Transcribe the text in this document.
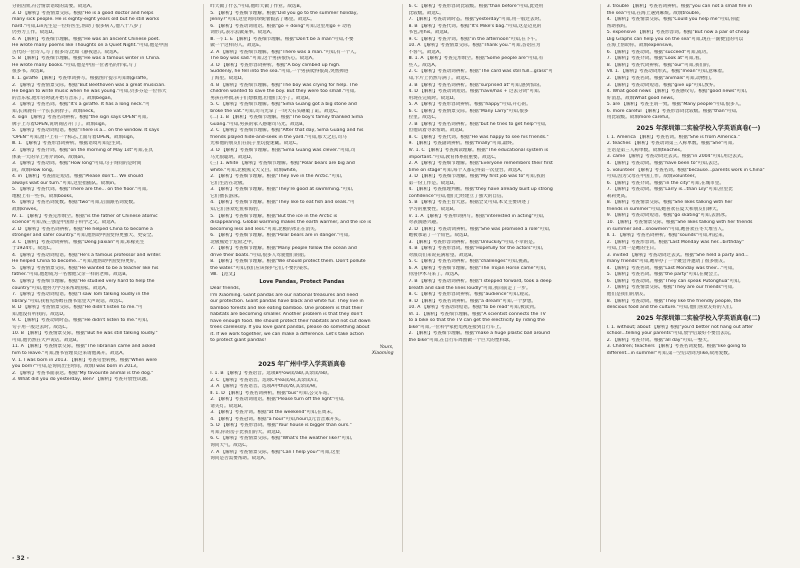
分的因果,符合情景语境的需要。故选A。
3. D 【解析】考查情景交际。根据"He is a good doctor and helps
many sick people. He is eighty-eight years old but he still works
hard."可知,Lin先生是一位好医生,帮助了很多病人,他八十八岁了
仍努力工作。故选D。
4. A 【解析】考查细节理解。根据"He was an ancient Chinese poet.
He wrote many poems like Thoughts on a Quiet Night."可知,他是中国
古代的一位诗人,写了很多诗,比如《静夜思》。故选A。
5. B 【解析】考查细节理解。根据"He was a famous writer in China.
He wrote many books."可知,他是中国一位著名的作家,写了
很多书。故选B。
Ⅱ. 1. giraffe 【解析】考查单词拼写。根据图片提示可知填giraffe。
2. 【解析】考查情景交际。根据"But Beethoven was a great musician.
He began to write music when he was young."可知,贝多芬是一位伟大
的音乐家,他年轻时就开始写音乐了。故填began。
3. 【解析】考查名词。根据"It's a giraffe. It has a long neck."可
知,长颈鹿有一个长长的脖子。故填neck。
4. sign 【解析】考查名词辨析。根据"the sign says OPEN"可知,
牌子上写着OPEN,说明商店开门了。故填sign。
5. 【解析】考查动词短语。根据"There is a... on the window. It says
'OPEN'"可知,窗户上有一个标志,上面写着OPEN。故填sign。
Ⅲ. 1. 【解析】考查形容词辨析。根据语境可知是生词。
2. 【解析】考查介词。根据"on the morning of May 1st"可知,在具
体某一天的早上用介词on。故填on。
3. 【解析】考查动词。根据"How long"可知,句子询问的是时间
段。故填How long。
4. in 【解析】考查固定短语。根据"Please don't... We should
always wait our turn."可知,这里指插队。故填in。
5. 【解析】考查代词。根据"There are the... on the floor."可知,
地板上有一些书。故填books。
6. 【解析】考查名词复数。根据"two"可知,后面跟名词复数。
故填knives。
Ⅳ. 1. 【解析】考查完形填空。根据"is the father of Chinese atomic
science"可知,钱三强是中国原子科学之父。故选A。
2. D 【解析】考查名词辨析。根据"He helped China to become a
stronger and safer country."可知,他帮助中国变得更强大、更安全。
3. C 【解析】考查动词辨析。根据"Deng Jiaxian"可知,邓稼先生
于1924年。故选C。
4. 【解析】考查动词短语。根据"He's a famous professor and writer.
He helped China to become..."可知,他帮助中国变得更好。
5. 【解析】考查情景交际。根据"He wanted to be a teacher like his
father."可知,他想成为一名像他父亲一样的老师。故选B。
6. 【解析】考查细节理解。根据"He studied very hard to help the
country"可知,他努力学习来帮助国家。故选A。
7. 【解析】考查动词短语。根据"I saw Tom talking loudly in the
library."可知,我看见汤姆在图书馆里大声说话。故选C。
8. D 【解析】考查情景交际。根据"He didn't listen to me."可
知,他没有听我的。故选D。
9. C 【解析】考查动词时态。根据"He didn't listen to me."可知,
句子用一般过去时。故选C。
10. B 【解析】考查情景交际。根据"But he was still talking loudly."
可知,他仍然在大声说话。故选B。
11. A 【解析】考查情景交际。根据"The librarian came and asked
him to leave."可知,图书管理员过来请他离开。故选A。
Ⅴ. 1. I was born in 2013. 【解析】考查句型转换。根据"When were
you born?"可知,是询问出生时间。故填I was born in 2013。
2. 【解析】考查书面表达。根据"My favourite animal is the dog."
3. What did you do yesterday, Ben? 【解析】考查开放性试题。
昨天做了什么"可知,他昨天做了作业。故选B。
5. 【解析】考查细节理解。根据"Did you go to the summer holiday,
Jenny?"可知,这里询问珍妮暑假去了哪里。故选C。
6. 【解析】考查动词短语。根据"go + doing"可知,这里用go + 动名
词形式,表示去做某事。故选A。
Ⅲ. 一) 1. E 【解析】考查细节理解。根据"Don't be a man"可知,不要
做一个这样的人。故选E。
2. A 【解析】考查细节理解。根据"There was a man."可知,有一个人。
The boy was sad."可知,这个男孩很伤心。故选A。
3. D 【解析】考查形容词辨析。根据"A boy climbed up high.
Suddenly, he fell into the sea."可知,一个男孩爬得很高,突然掉进
了海里。故选D。
4. B 【解析】考查细节理解。根据"The boy was crying for help. The
children wanted to save the boy. But they were too small."可知,
男孩在呼救,孩子们想救他,但他们太小了。故选B。
5. C 【解析】考查细节理解。根据"Sima Guang got a big stone and
broke the vat."可知,司马光拿了一块大石头砸破了缸。故选C。
(二) 1. B 【解析】考查细节理解。根据"The boy's family thanked Sima
Guang."可知,男孩的家人感谢司马光。故选B。
2. C 【解析】考查细节理解。根据"After that day, Sima Guang and his
friends played hide-and-seek in the yard."可知,那天之后,司马
光和他的朋友们在院子里玩捉迷藏。故选C。
3. D 【解析】考查细节理解。根据"Sima Guang was clever."可知,司
马光很聪明。故选D。
(三) 1. white 【解析】考查细节理解。根据"Polar bears are big and
white."可知,北极熊又大又白。故填white。
2. 【解析】考查细节理解。根据"They live in the Arctic."可知,
它们生活在北极。
3. 【解析】考查细节理解。根据"They're good at swimming."可知,
它们擅长游泳。
4. 【解析】考查细节理解。根据"They like to eat fish and seals."可
知,它们喜欢吃鱼和海豹。
5. 【解析】考查细节理解。根据"But the ice in the Arctic is
disappearing. Global warming makes the earth warmer, and the ice is
becoming less and less."可知,北极的冰正在消失。
6. 【解析】考查细节理解。根据"Polar bears are in danger."可知,
北极熊处于危险之中。
7. 【解析】考查细节理解。根据"Many people follow the ocean and
drive their boats."可知,很多人驾驶他们的船。
8. 【解析】考查细节理解。根据"We should protect them. Don't pollute
the water."可知,我们应该保护它们,不要污染水。
Ⅷ. 【范文】
Love Pandas, Protect Pandas
Dear friends,
I'm Xiaoming. Giant pandas are our national treasures and need
our protection. Giant pandas have black and white fur. They live in
bamboo forests and like eating bamboo. One problem is that their
habitats are becoming smaller. Another problem is that they don't
have enough food. We should protect their habitats and not cut down
trees carelessly. If you love giant pandas, please do something about
it. If we work together, we can make a difference. Let's take action
to protect giant pandas!
Yours,
Xiaoming
2025 年广州中学入学英语真卷
Ⅰ. 1. B 【解析】考查语音。选项B中ow读/aʊ/,其余读/əʊ/。
2. C 【解析】考查语音。选项C中ea读/e/,其余读/iː/。
3. A 【解析】考查语音。选项A中th读/ð/,其余读/θ/。
Ⅱ. 1. D 【解析】考查名词辨析。根据"bus"可知,公交车站。
2. 【解析】考查动词短语。根据"Please turn off the light"可知,
请关灯。故选B。
3. 【解析】考查介词。根据"at the weekend"可知,在周末。
4. 【解析】考查冠词。根据"a hour"可知,hour以元音音素开头。
5. D 【解析】考查形容词。根据"Your house is bigger than ours."
可知,你的房子比我们的大。故选D。
6. C 【解析】考查情景交际。根据"What's the weather like?"可知,
询问天气。故选C。
7. A 【解析】考查情景交际。根据"Can I help you?"可知,这里
询问是否需要帮助。故选A。
6. C 【解析】考查形容词比较级。根据"than before"可知,此处用
比较级。故选C。
7. 【解析】考查动词时态。根据"yesterday"可知,用一般过去时。
8. B 【解析】考查代词。根据"It's Mike's bag."可知,这是迈克的
书包,用his。故选B。
9. C 【解析】考查介词。根据"in the afternoon"可知,在下午。
10. A 【解析】考查情景交际。根据"Thank you."可知,答语应为
不客气。故选A。
Ⅲ. 1. A 【解析】考查完形填空。根据"Some people are"可知,有
些人。故选A。
2. C 【解析】考查动词辨析。根据"The card was still full...grass"可
知,卡片上仍然写满了。故选C。
3. B 【解析】考查名词辨析。根据"surprised at"可知,感到惊讶。
4. D 【解析】考查动词短语。根据"have/has + 过去分词"可知,
用现在完成时。故选D。
5. A 【解析】考查形容词辨析。根据"happy"可知,开心的。
6. C 【解析】考查情景交际。根据"Many Larry"可知,很多
拉里。故选C。
7. B 【解析】考查名词辨析。根据"but he tries to get help"可知,
但他试着寻求帮助。故选B。
8. C 【解析】考查代词。根据"He was happy to see his friends."
9. 【解析】考查副词辨析。根据"finally"可知,最终。
Ⅳ. 1. C 【解析】考查阅读理解。根据"The educational system is
important."可知,教育体系很重要。故选C。
2. A 【解析】考查细节理解。根据"Everyone remembers their first
time on stage"可知,每个人都记得第一次登台。故选A。
3. D 【解析】考查细节理解。根据"My first job was to"可知,我的
第一份工作是。故选D。
4. 【解析】考查推理判断。根据"they have already built up strong
confidence"可知,他们已经建立了强大的自信。
5. B 【解析】考查主旨大意。根据全文可知,本文主要讲述了
学习的重要性。故选B。
Ⅴ. 1. A 【解析】考查单词拼写。根据"interested in acting"可知,
对表演感兴趣。
2. D 【解析】考查动词辨析。根据"She was promised a role"可知,
她被承诺了一个角色。故选D。
3. 【解析】考查形容词辨析。根据"Unluckily"可知,不幸的是。
4. B 【解析】考查形容词。根据"Hopefully for the actors"可知,
对演员们来说充满希望。故选B。
5. C 【解析】考查名词辨析。根据"challenges"可知,挑战。
6. A 【解析】考查细节理解。根据"The Trojan Horse came"可知,
特洛伊木马来了。故选A。
7. B 【解析】考查动词辨析。根据"I stepped forward, took a deep
breath and said the lines loudly"可知,我向前走了一步。
8. C 【解析】考查形容词辨析。根据"audience"可知,观众。
9. D 【解析】考查名词辨析。根据"a dream"可知,一个梦想。
10. A 【解析】考查动词短语。根据"to be read"可知,被读到。
Ⅵ. 1. 【解析】考查细节理解。根据"A scientist connects the TV
to a bike so that the TV can get the electricity by riding the
bike"可知,一位科学家把电视连接到自行车上。
2. 【解析】考查细节理解。根据"make a huge plastic ball around
the bike"可知,在自行车周围做一个巨大的塑料球。
3. trouble 【解析】考查名词辨析。根据"you can not a small fire in
the sea"可知,在海上遇到麻烦。故填trouble。
4. 【解析】考查情景交际。根据"Could you help me"可知,你能
帮助我吗。
5. expensive 【解析】考查形容词。根据"But now a pair of cheap
Dig Graphs can help you on the sea"可知,现在一副便宜的可以
在海上帮助你。故填expensive。
6. 【解析】考查动词。根据"succeed"可知,成功。
7. 【解析】考查介词。根据"Look at"可知,看。
8. 【解析】考查代词辨析。根据"our"可知,我们的。
Ⅶ. 1. 【解析】考查动词形式。根据"mean"可知,意味着。
2. 【解析】考查名词。根据"animals"可知,动物们。
3. 【解析】考查动词短语。根据"give up"可知,放弃。
4. What good news 【解析】考查感叹句。根据"good news"可知,
好消息。故填What good news。
5. are 【解析】考查主谓一致。根据"Many people"可知,很多人。
6. more careful 【解析】考查形容词比较级。根据"than"可知,
用比较级。故填more careful。
2025 年深圳第二实验学校入学英语真卷(一)
Ⅰ. 1. America 【解析】考查名词。根据"She is from America."
2. teaches 【解析】考查动词第三人称单数。根据"She"可知,
主语是第三人称单数。故填teaches。
3. came 【解析】考查动词过去式。根据"in 2004"可知,用过去式。
4. 【解析】考查动词。根据"have been to"可知,去过。
5. volunteer 【解析】考查名词。根据"because...parents work in China"
可知,因为父母在中国工作。故填volunteer。
6. 【解析】考查介词。根据"in the city"可知,在城市里。
7. 【解析】考查动词。根据"Larry is...than Lily"可知,拉里比
莉莉更高。
8. 【解析】考查情景交际。根据"She likes talking with her
friends in summer"可知,她喜欢在夏天和朋友们聊天。
9. 【解析】考查动词短语。根据"go skating"可知,去滑冰。
10. 【解析】考查情景交际。根据"She likes talking with her friends
in summer and...snowmen"可知,她喜欢在冬天堆雪人。
Ⅱ. 1. 【解析】考查名词辨析。根据"sounds"可知,听起来。
2. 【解析】考查形容词。根据"Last Monday was her...birthday"
可知,上周一是她的生日。
3. invited 【解析】考查动词过去式。根据"She held a party and...
many friends"可知,她举办了一个聚会并邀请了很多朋友。
4. 【解析】考查名词。根据"Last Monday was their..."可知。
5. 【解析】考查名词。根据"the party"可知,在聚会上。
6. 【解析】考查动词。根据"They can speak Putonghua"可知。
7. 【解析】考查情景交际。根据"They are our friends"可知,
他们是我们的朋友。
8. 【解析】考查动词。根据"They like the friendly people, the
delicious food and the culture."可知,他们喜欢友好的人们。
2025 年深圳第二实验学校入学英语真卷(二)
Ⅰ. 1. without; about 【解析】根据"you'd better not hang out after
school...telling your parents"可知,放学后最好不要出去玩。
2. 【解析】考查介词。根据"all day"可知,一整天。
3. Children; teachers 【解析】考查名词复数。根据"like going to
different...in summer"可知,第一空后动词为like,故用复数。
· 32 ·
